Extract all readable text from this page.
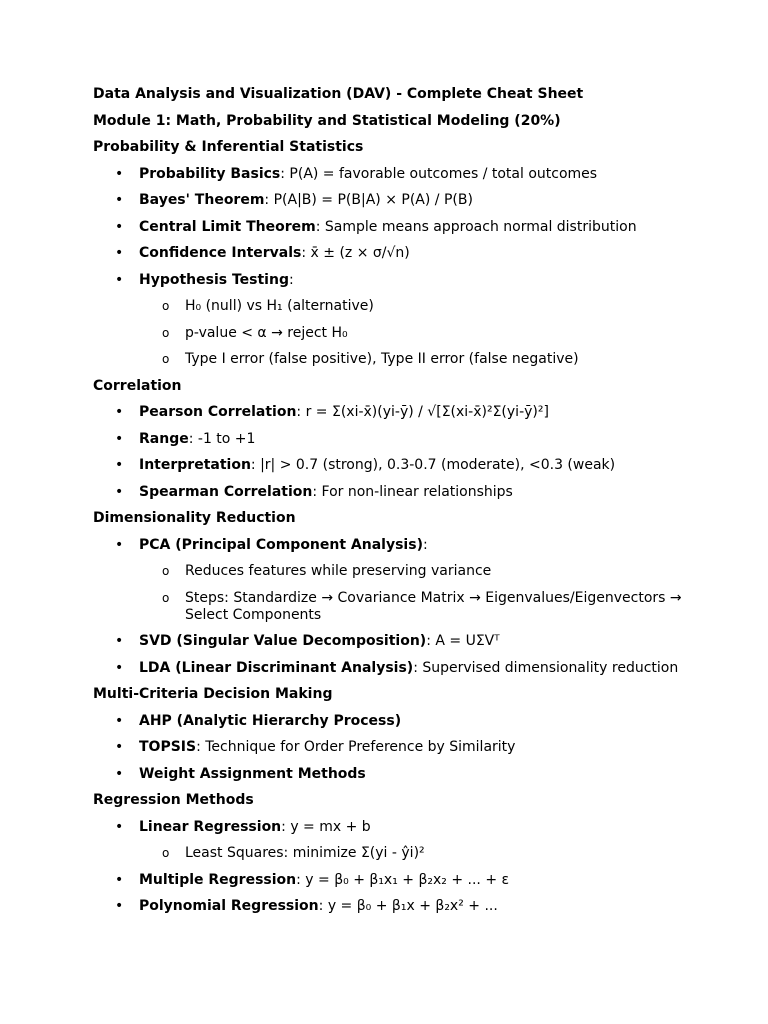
Data Analysis and Visualization (DAV) - Complete Cheat Sheet

Module 1: Math, Probability and Statistical Modeling (20%)

Probability & Inferential Statistics

• Probability Basics: P(A) = favorable outcomes / total outcomes
• Bayes' Theorem: P(A|B) = P(B|A) × P(A) / P(B)
• Central Limit Theorem: Sample means approach normal distribution
• Confidence Intervals: x̄ ± (z × σ/√n)
• Hypothesis Testing:
o H₀ (null) vs H₁ (alternative)
o p-value < α → reject H₀
o Type I error (false positive), Type II error (false negative)

Correlation

• Pearson Correlation: r = Σ(xi-x̄)(yi-ȳ) / √[Σ(xi-x̄)²Σ(yi-ȳ)²]
• Range: -1 to +1
• Interpretation: |r| > 0.7 (strong), 0.3-0.7 (moderate), <0.3 (weak)
• Spearman Correlation: For non-linear relationships

Dimensionality Reduction

• PCA (Principal Component Analysis):
o Reduces features while preserving variance
o Steps: Standardize → Covariance Matrix → Eigenvalues/Eigenvectors → Select Components
• SVD (Singular Value Decomposition): A = UΣVᵀ
• LDA (Linear Discriminant Analysis): Supervised dimensionality reduction

Multi-Criteria Decision Making

• AHP (Analytic Hierarchy Process)
• TOPSIS: Technique for Order Preference by Similarity
• Weight Assignment Methods

Regression Methods

• Linear Regression: y = mx + b
o Least Squares: minimize Σ(yi - ŷi)²
• Multiple Regression: y = β₀ + β₁x₁ + β₂x₂ + ... + ε
• Polynomial Regression: y = β₀ + β₁x + β₂x² + ...
